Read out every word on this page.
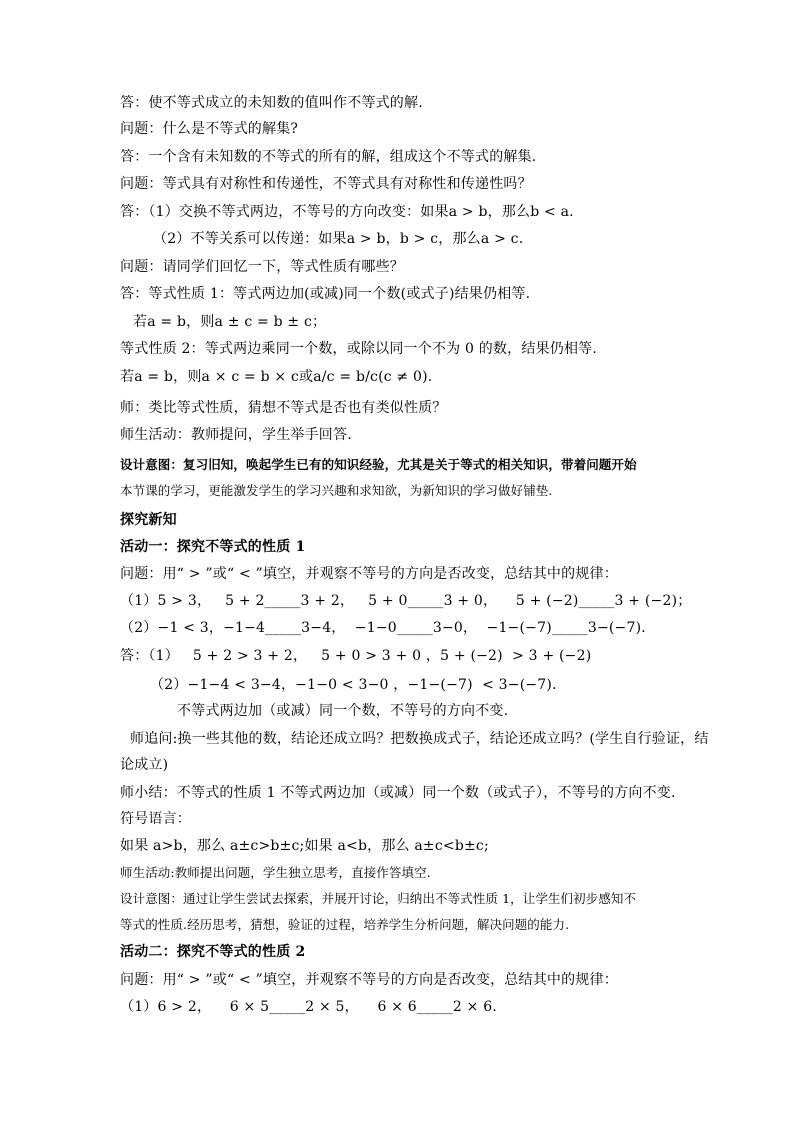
答：使不等式成立的未知数的值叫作不等式的解.
问题：什么是不等式的解集?
答：一个含有未知数的不等式的所有的解，组成这个不等式的解集.
问题：等式具有对称性和传递性，不等式具有对称性和传递性吗？
答：（1）交换不等式两边，不等号的方向改变：如果a > b，那么b < a.
（2）不等关系可以传递：如果a > b，b > c，那么a > c.
问题：请同学们回忆一下，等式性质有哪些？
答：等式性质 1：等式两边加(或减)同一个数(或式子)结果仍相等.
若a = b，则a ± c = b ± c；
等式性质 2：等式两边乘同一个数，或除以同一个不为 0 的数，结果仍相等.
若a = b，则a × c = b × c或a/c = b/c(c ≠ 0).
师：类比等式性质，猜想不等式是否也有类似性质？
师生活动：教师提问，学生举手回答.
设计意图：复习旧知，唤起学生已有的知识经验，尤其是关于等式的相关知识，带着问题开始
本节课的学习，更能激发学生的学习兴趣和求知欲，为新知识的学习做好铺垫.
探究新知
活动一：探究不等式的性质 1
问题：用“ > ”或“ < ”填空，并观察不等号的方向是否改变，总结其中的规律：
（1）5 > 3，   5 + 2_____3 + 2，   5 + 0_____3 + 0，    5 + (−2)_____3 + (−2)；
（2）−1 < 3，−1−4_____3−4，  −1−0_____3−0，  −1−(−7)_____3−(−7)．
答：（1）   5 + 2 > 3 + 2，   5 + 0 > 3 + 0 ，5 + (−2)  > 3 + (−2)
（2）−1−4 < 3−4，−1−0 < 3−0 ，−1−(−7)  < 3−(−7)．
不等式两边加（或减）同一个数，不等号的方向不变.
师追问:换一些其他的数，结论还成立吗？把数换成式子，结论还成立吗？(学生自行验证，结
论成立)
师小结：不等式的性质 1 不等式两边加（或减）同一个数（或式子），不等号的方向不变.
符号语言：
如果 a>b，那么 a±c>b±c;如果 a<b，那么 a±c<b±c;
师生活动:教师提出问题，学生独立思考，直接作答填空.
设计意图：通过让学生尝试去探索，并展开讨论，归纳出不等式性质 1，让学生们初步感知不
等式的性质.经历思考，猜想，验证的过程，培养学生分析问题，解决问题的能力.
活动二：探究不等式的性质 2
问题：用“ > ”或“ < ”填空，并观察不等号的方向是否改变，总结其中的规律：
（1）6 > 2，    6 × 5_____2 × 5，    6 × 6_____2 × 6．
